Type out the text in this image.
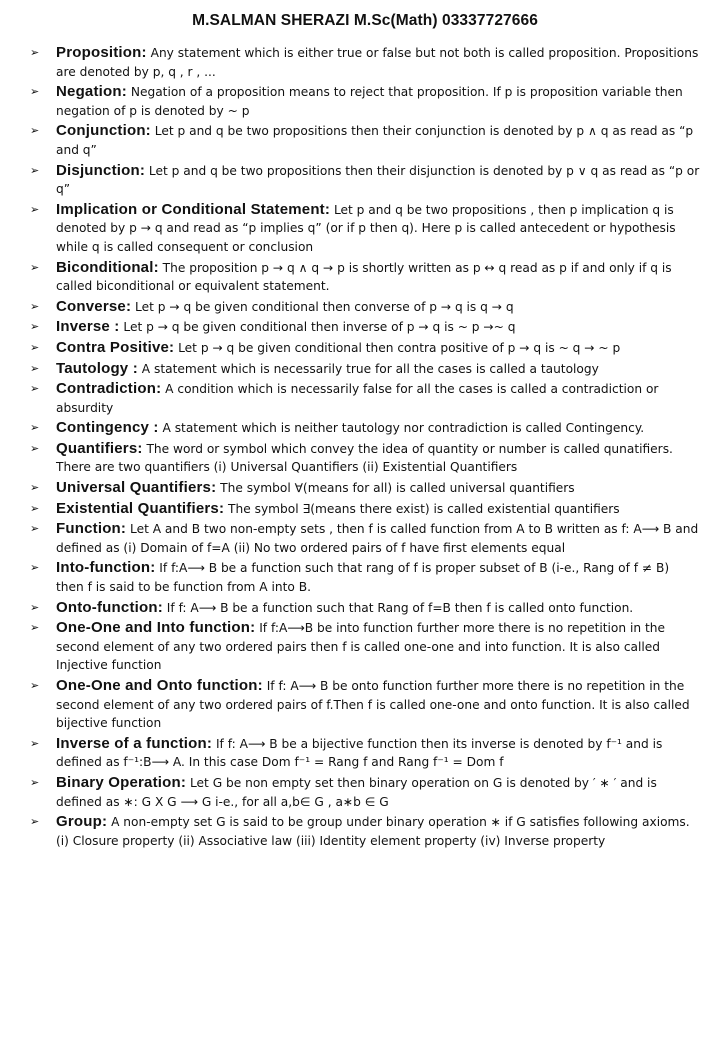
M.SALMAN SHERAZI M.Sc(Math) 03337727666
➢ Proposition: Any statement which is either true or false but not both is called proposition. Propositions are denoted by p, q , r , ...
➢ Negation: Negation of a proposition means to reject that proposition. If p is proposition variable then negation of p is denoted by ~ p
➢ Conjunction: Let p and q be two propositions then their conjunction is denoted by p ∧ q as read as “p and q”
➢ Disjunction: Let p and q be two propositions then their disjunction is denoted by p ∨ q as read as “p or q”
➢ Implication or Conditional Statement: Let p and q be two propositions , then p implication q is denoted by p → q and read as “p implies q” (or if p then q). Here p is called antecedent or hypothesis while q is called consequent or conclusion
➢ Biconditional: The proposition p → q ∧ q → p is shortly written as p ↔ q read as p if and only if q is called biconditional or equivalent statement.
➢ Converse: Let p → q be given conditional then converse of p → q is q → q
➢ Inverse : Let p → q be given conditional then inverse of p → q is ~ p →~ q
➢ Contra Positive: Let p → q be given conditional then contra positive of p → q is ~ q → ~ p
➢ Tautology : A statement which is necessarily true for all the cases is called a tautology
➢ Contradiction: A condition which is necessarily false for all the cases is called a contradiction or absurdity
➢ Contingency : A statement which is neither tautology nor contradiction is called Contingency.
➢ Quantifiers: The word or symbol which convey the idea of quantity or number is called qunatifiers. There are two quantifiers (i) Universal Quantifiers (ii) Existential Quantifiers
➢ Universal Quantifiers: The symbol ∀(means for all) is called universal quantifiers
➢ Existential Quantifiers: The symbol ∃(means there exist) is called existential quantifiers
➢ Function: Let A and B two non-empty sets , then f is called function from A to B written as f: A⟶ B and defined as (i) Domain of f=A (ii) No two ordered pairs of f have first elements equal
➢ Into-function: If f:A⟶ B be a function such that rang of f is proper subset of B (i-e., Rang of f ≠ B) then f is said to be function from A into B.
➢ Onto-function: If f: A⟶ B be a function such that Rang of f=B then f is called onto function.
➢ One-One and Into function: If f:A⟶B be into function further more there is no repetition in the second element of any two ordered pairs then f is called one-one and into function. It is also called Injective function
➢ One-One and Onto function: If f: A⟶ B be onto function further more there is no repetition in the second element of any two ordered pairs of f.Then f is called one-one and onto function. It is also called bijective function
➢ Inverse of a function: If f: A⟶ B be a bijective function then its inverse is denoted by f⁻¹ and is defined as f⁻¹:B⟶ A. In this case Dom f⁻¹ = Rang f and Rang f⁻¹ = Dom f
➢ Binary Operation: Let G be non empty set then binary operation on G is denoted by ′ ∗ ′ and is defined as ∗: G X G ⟶ G i-e., for all a,b∈ G , a∗b ∈ G
➢ Group: A non-empty set G is said to be group under binary operation ∗ if G satisfies following axioms. (i) Closure property (ii) Associative law (iii) Identity element property (iv) Inverse property
